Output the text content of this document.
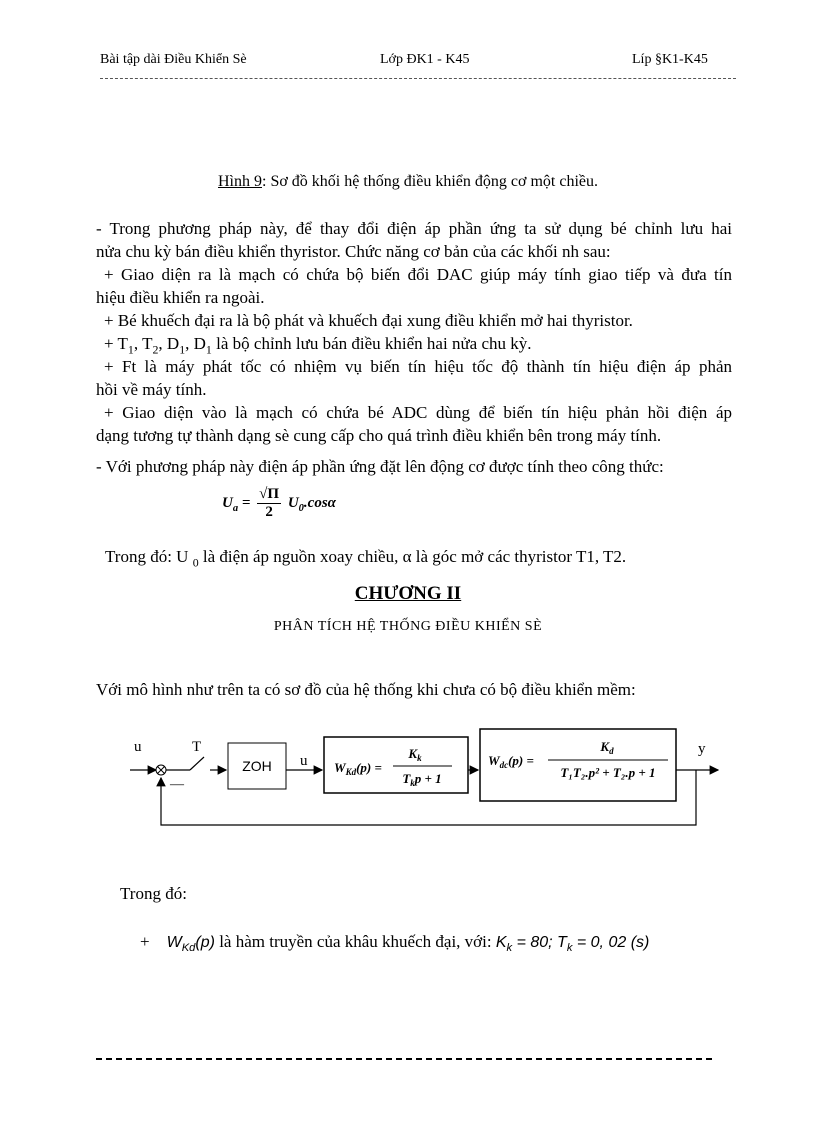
Bài tập dài Điều Khiển Sè	Lớp ĐK1 - K45	Líp §K1-K45
Hình 9: Sơ đồ khối hệ thống điều khiển động cơ một chiều.
- Trong phương pháp này, để thay đổi điện áp phần ứng ta sử dụng bé chỉnh lưu hai
nửa chu kỳ bán điều khiển thyristor. Chức năng cơ bản của các khối nh sau:
+ Giao diện ra là mạch có chứa bộ biến đổi DAC giúp máy tính giao tiếp và đưa tín
hiệu điều khiển ra ngoài.
+ Bé khuếch đại ra là bộ phát và khuếch đại xung điều khiển mở hai thyristor.
+ $T_1$, $T_2$, $D_1$, $D_1$ là bộ chỉnh lưu bán điều khiển hai nửa chu kỳ.
+ Ft là máy phát tốc có nhiệm vụ biến tín hiệu tốc độ thành tín hiệu điện áp phản
hồi về máy tính.
+ Giao diện vào là mạch có chứa bé ADC dùng để biến tín hiệu phản hồi điện áp
dạng tương tự thành dạng sè cung cấp cho quá trình điều khiển bên trong máy tính.
- Với phương pháp này điện áp phần ứng đặt lên động cơ được tính theo công thức:
$U_a = \frac{√\Pi}{2} U_0.\cos\alpha$
Trong đó: U $_0$ là điện áp nguồn xoay chiều, α là góc mở các thyristor T1, T2.
CHƯƠNG II
PHÂN TÍCH HỆ THỐNG ĐIỀU KHIỂN SÈ
Với mô hình như trên ta có sơ đồ của hệ thống khi chưa có bộ điều khiển mềm:
u
—
T
ZOH u $W_{Kd}(p)$ =
$K_k$
$T_kp + 1$
$W_{dc}(p)$ =
$K_d$
T₁T₂.p² + T₂.p + 1
y
Trong đó:
+ $W_{Kd}(p)$ là hàm truyền của khâu khuếch đại, với: $K_k = 80$; $T_k = 0$, 02 (s)
